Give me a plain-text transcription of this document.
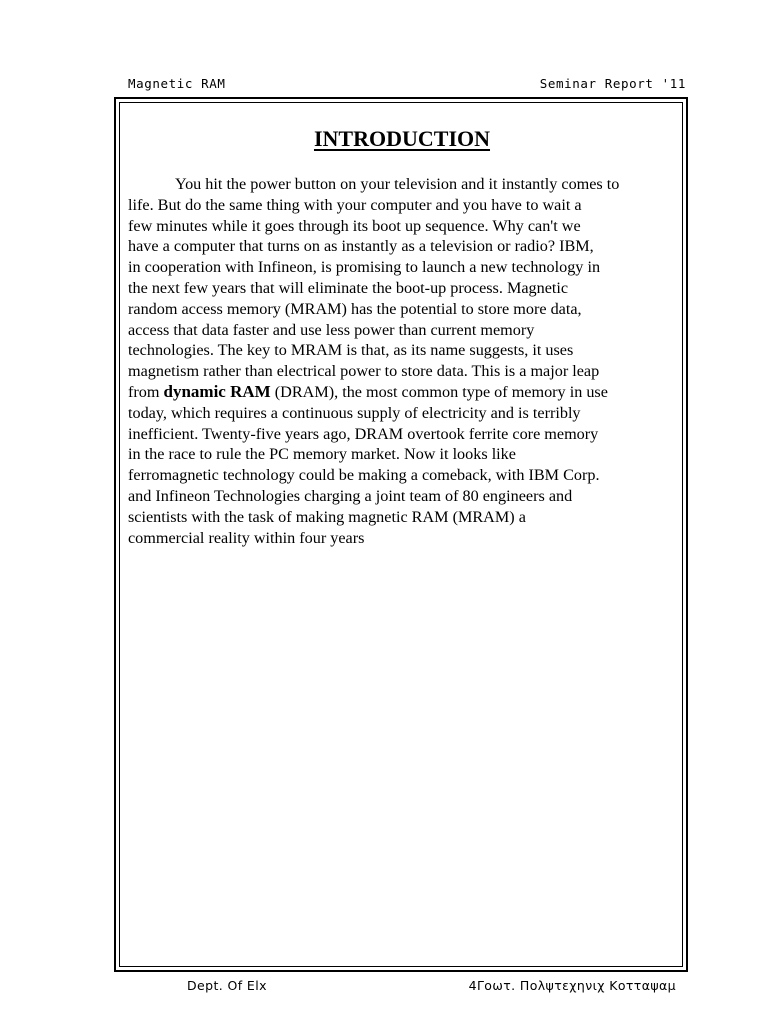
Magnetic RAM	Seminar Report '11
INTRODUCTION
You hit the power button on your television and it instantly comes to
life. But do the same thing with your computer and you have to wait a
few minutes while it goes through its boot up sequence. Why can't we
have a computer that turns on as instantly as a television or radio? IBM,
in cooperation with Infineon, is promising to launch a new technology in
the next few years that will eliminate the boot-up process. Magnetic
random access memory (MRAM) has the potential to store more data,
access that data faster and use less power than current memory
technologies. The key to MRAM is that, as its name suggests, it uses
magnetism rather than electrical power to store data. This is a major leap
from dynamic RAM (DRAM), the most common type of memory in use
today, which requires a continuous supply of electricity and is terribly
inefficient. Twenty-five years ago, DRAM overtook ferrite core memory
in the race to rule the PC memory market. Now it looks like
ferromagnetic technology could be making a comeback, with IBM Corp.
and Infineon Technologies charging a joint team of 80 engineers and
scientists with the task of making magnetic RAM (MRAM) a
commercial reality within four years
Dept. Of Elx	4Γοωτ. Πολψτεχηνιχ Κοτταψαμ
